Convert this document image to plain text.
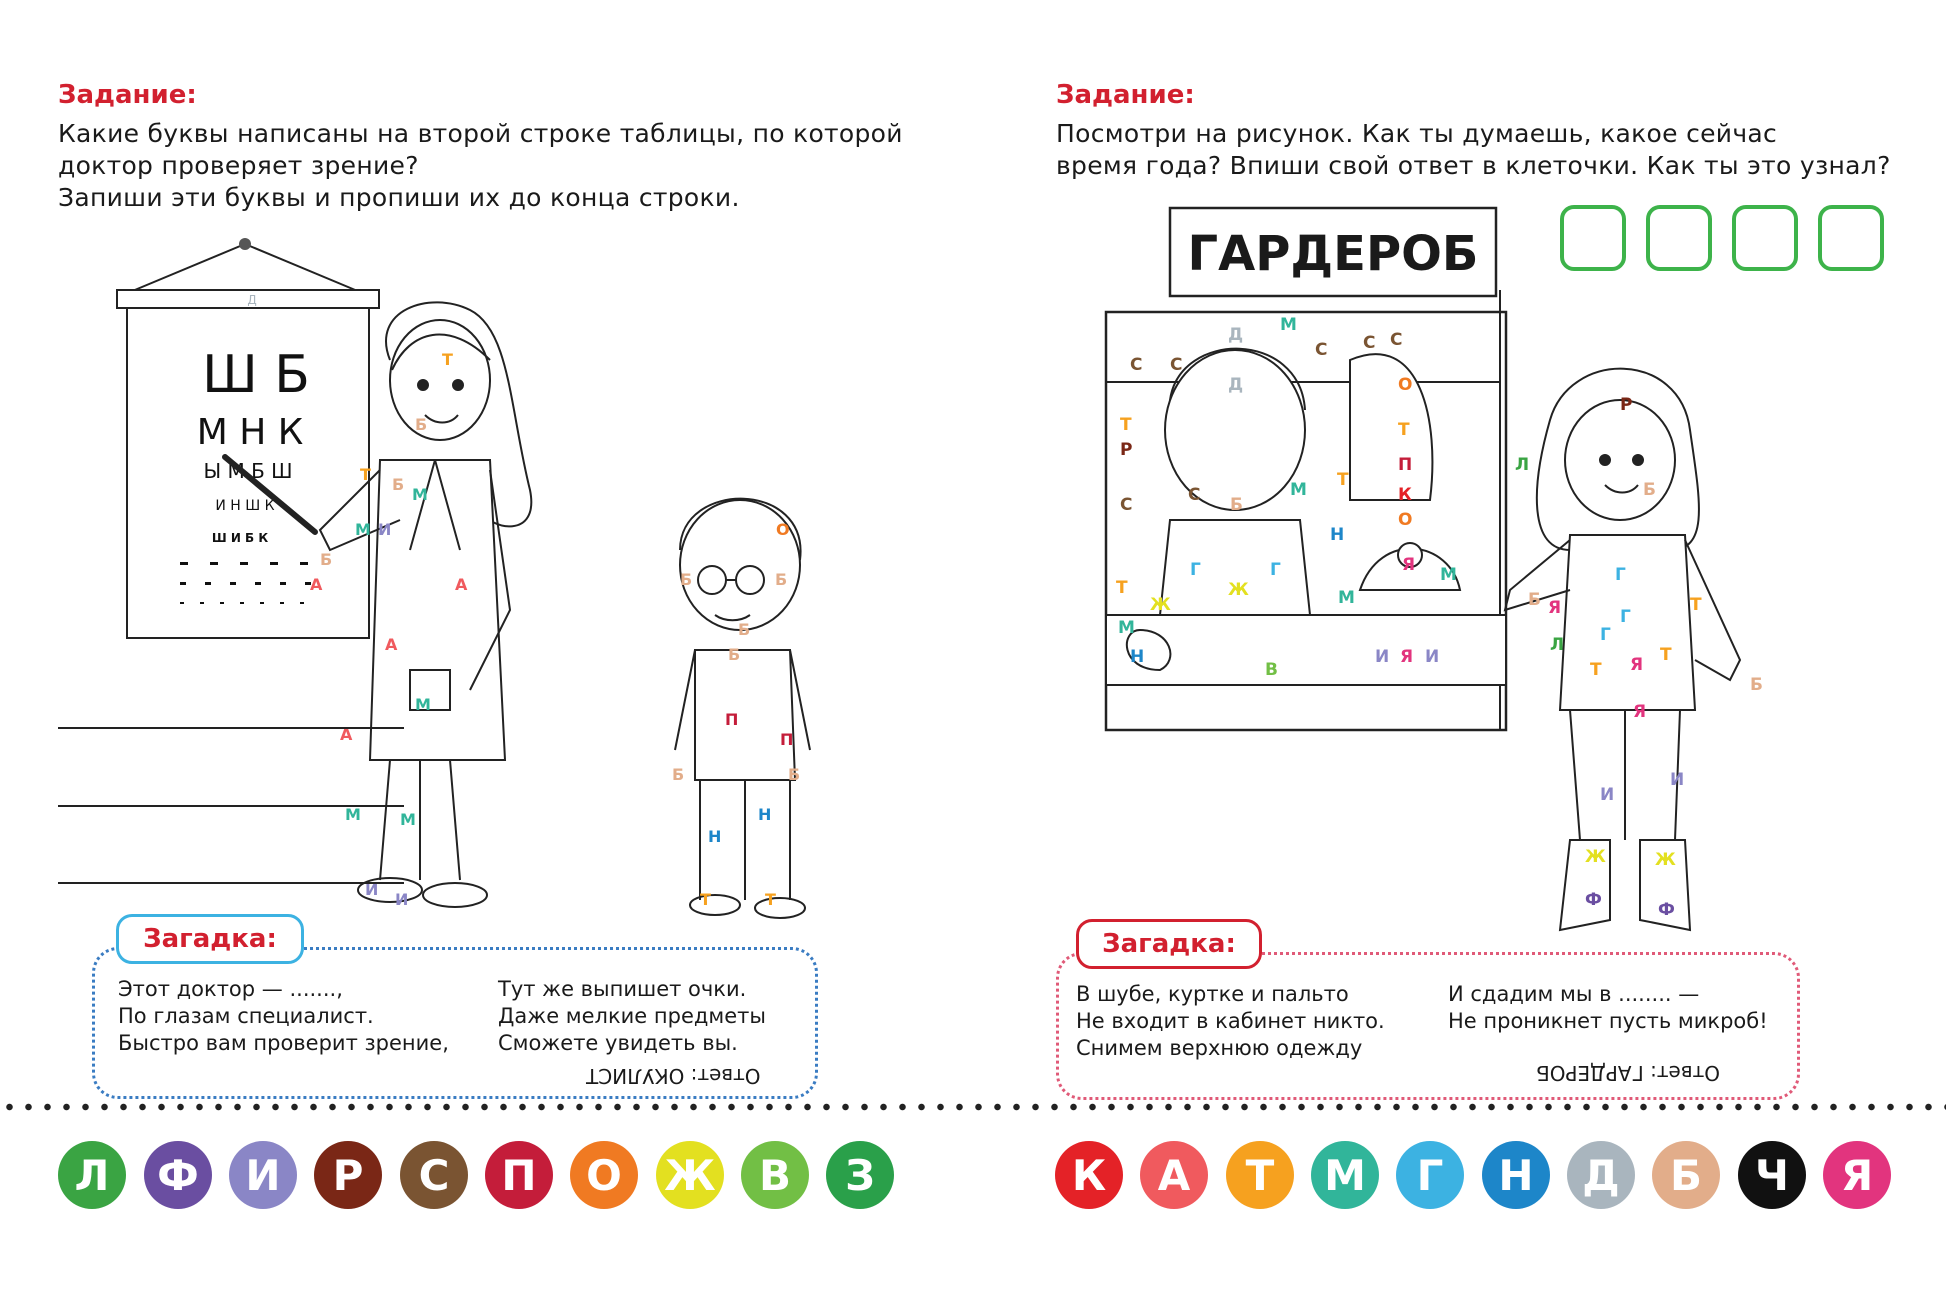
Задание:
Какие буквы написаны на второй строке таблицы, по которой
доктор проверяет зрение?
Запиши эти буквы и пропиши их до конца строки.
Д
Ш Б
М Н К
Ы М Б Ш
И Н Ш К
Ш И Б К
Т
Б
Т
Б
М
М И
Б
А
А
А
М
А
М М
И
И
О
Б	Б
Б
Б
П
П
Б	Б
Н
Н
Т	Т
Загадка:
Этот доктор — .......,
По глазам специалист.
Быстро вам проверит зрение,
Тут же выпишет очки.
Даже мелкие предметы
Сможете увидеть вы.
Ответ: ОКУЛИСТ
Задание:
Посмотри на рисунок. Как ты думаешь, какое сейчас
время года? Впиши свой ответ в клеточки. Как ты это узнал?
ГАРДЕРОБ
Д М
Д
С С С
О
С С
Т
Р
Т
П
К
О
Т
Н
С	С Б
М
Т
Ж
Г
Ж
Г
М
М
Я
И Я И
Н
В
М
Л
Р
Б
Г
Г
Г
Я
Б	Т
Т
Т
Я
Я
Б
И
И
Ж	Ж
Ф	Ф
Л
Загадка:
В шубе, куртке и пальто
Не входит в кабинет никто.
Снимем верхнюю одежду
И сдадим мы в ........ —
Не проникнет пусть микроб!
Ответ: ГАРДЕРОБ
Л	Ф	И	Р	С	П	О	Ж	В	З	К	А	Т	М	Г	Н	Д	Б	Ч	Я
